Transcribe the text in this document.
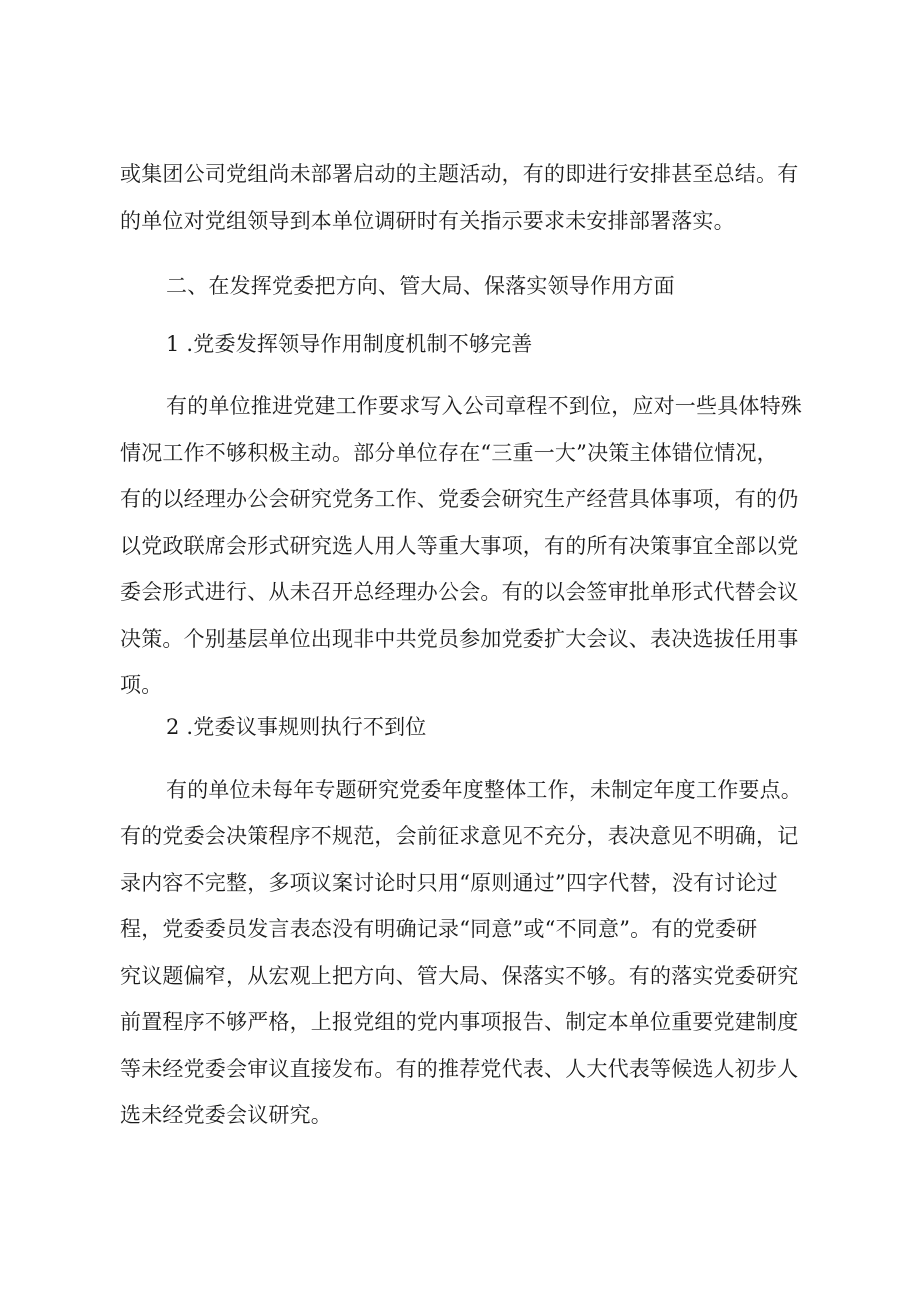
或集团公司党组尚未部署启动的主题活动，有的即进行安排甚至总结。有
的单位对党组领导到本单位调研时有关指示要求未安排部署落实。
二、在发挥党委把方向、管大局、保落实领导作用方面
1 .党委发挥领导作用制度机制不够完善
有的单位推进党建工作要求写入公司章程不到位，应对一些具体特殊
情况工作不够积极主动。部分单位存在“三重一大”决策主体错位情况，
有的以经理办公会研究党务工作、党委会研究生产经营具体事项，有的仍
以党政联席会形式研究选人用人等重大事项，有的所有决策事宜全部以党
委会形式进行、从未召开总经理办公会。有的以会签审批单形式代替会议
决策。个别基层单位出现非中共党员参加党委扩大会议、表决选拔任用事
项。
2 .党委议事规则执行不到位
有的单位未每年专题研究党委年度整体工作，未制定年度工作要点。
有的党委会决策程序不规范，会前征求意见不充分，表决意见不明确，记
录内容不完整，多项议案讨论时只用“原则通过”四字代替，没有讨论过
程，党委委员发言表态没有明确记录“同意”或“不同意”。有的党委研
究议题偏窄，从宏观上把方向、管大局、保落实不够。有的落实党委研究
前置程序不够严格，上报党组的党内事项报告、制定本单位重要党建制度
等未经党委会审议直接发布。有的推荐党代表、人大代表等候选人初步人
选未经党委会议研究。
